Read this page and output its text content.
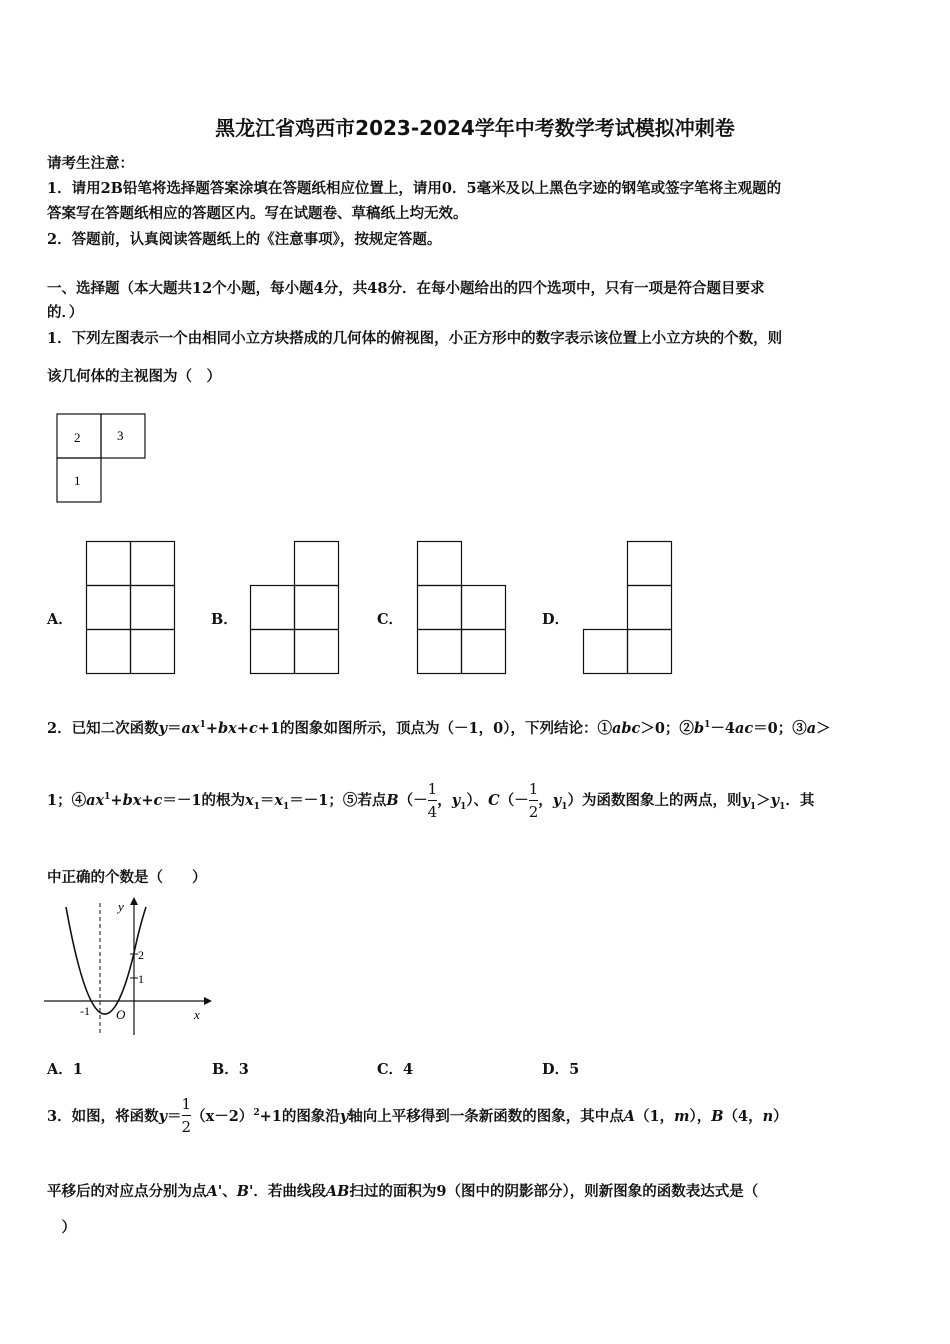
黑龙江省鸡西市2023-2024学年中考数学考试模拟冲刺卷
请考生注意：
1．请用2B铅笔将选择题答案涂填在答题纸相应位置上，请用0．5毫米及以上黑色字迹的钢笔或签字笔将主观题的
答案写在答题纸相应的答题区内。写在试题卷、草稿纸上均无效。
2．答题前，认真阅读答题纸上的《注意事项》，按规定答题。
一、选择题（本大题共12个小题，每小题4分，共48分．在每小题给出的四个选项中，只有一项是符合题目要求
的．）
1．下列左图表示一个由相同小立方块搭成的几何体的俯视图，小正方形中的数字表示该位置上小立方块的个数，则
该几何体的主视图为（　）
2	3
1
A．	B．	C．	D．
2．已知二次函数$y=ax^1+bx+c+1$的图象如图所示，顶点为（－1，0），下列结论：①abc＞0；$②b^1-4ac=0$；③a＞
1；$④ax^1+bx+c=-1$的根为$x_1=x_1=-1$；⑤若点$B(- \frac{1}{4}$ ，$y_1$）、$C(- \frac{1}{2}$ ，$y_1$）为函数图象上的两点，则$y_1>y_1$．其
中正确的个数是（　　）
y
x
O
-1
1
2
A．1	B．3	C．4	D．5
3．如图，将函数$y= \frac{1}{2} (x-2)^2+1$的图象沿y轴向上平移得到一条新函数的图象，其中点A（1，m），B（4，n）
平移后的对应点分别为点A'、B'．若曲线段AB扫过的面积为9（图中的阴影部分），则新图象的函数表达式是（
　）
